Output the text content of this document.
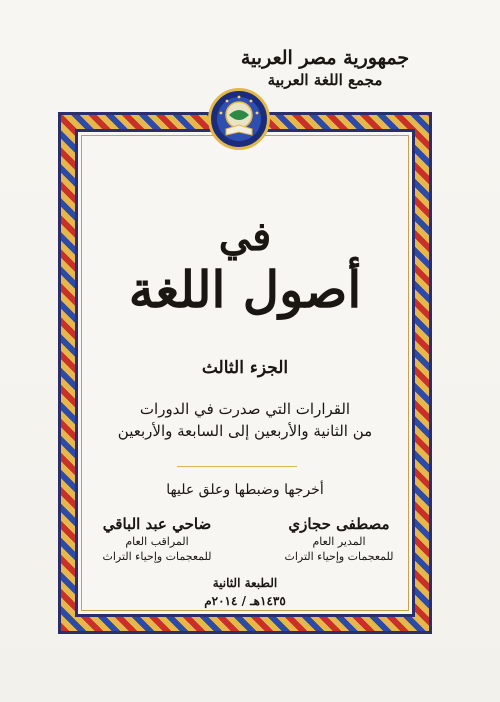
جمهورية مصر العربية
مجمع اللغة العربية
في
أصول اللغة
الجزء الثالث
القرارات التي صدرت في الدورات
من الثانية والأربعين إلى السابعة والأربعين
أخرجها وضبطها وعلق عليها
مصطفى حجازي
المدير العام
للمعجمات وإحياء التراث
ضاحي عبد الباقي
المراقب العام
للمعجمات وإحياء التراث
الطبعة الثانية
١٤٣٥هـ / ٢٠١٤م
